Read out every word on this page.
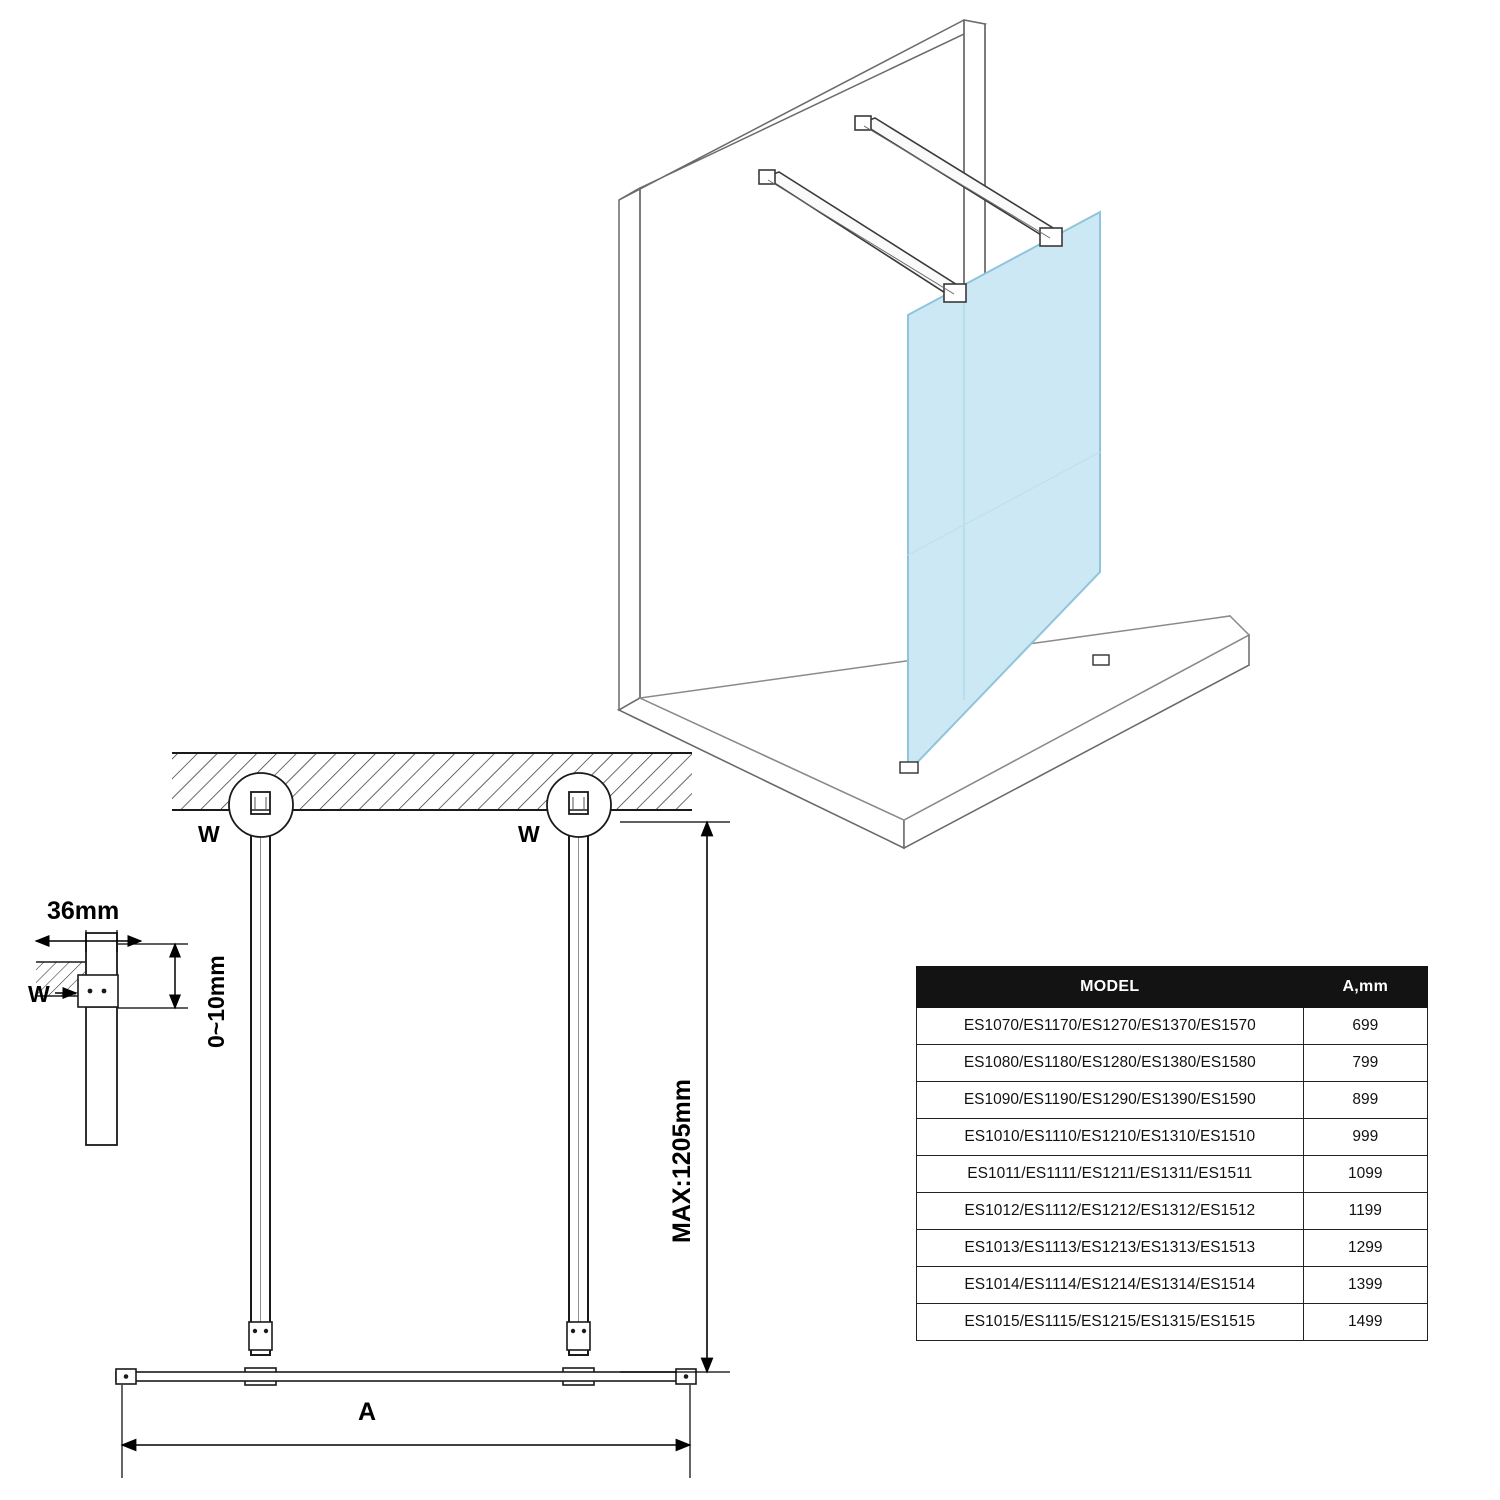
36mm
W
W	W
A
0~10mm
MAX:1205mm
MODEL	A,mm
ES1070/ES1170/ES1270/ES1370/ES1570	699
ES1080/ES1180/ES1280/ES1380/ES1580	799
ES1090/ES1190/ES1290/ES1390/ES1590	899
ES1010/ES1110/ES1210/ES1310/ES1510	999
ES1011/ES1111/ES1211/ES1311/ES1511	1099
ES1012/ES1112/ES1212/ES1312/ES1512	1199
ES1013/ES1113/ES1213/ES1313/ES1513	1299
ES1014/ES1114/ES1214/ES1314/ES1514	1399
ES1015/ES1115/ES1215/ES1315/ES1515	1499
